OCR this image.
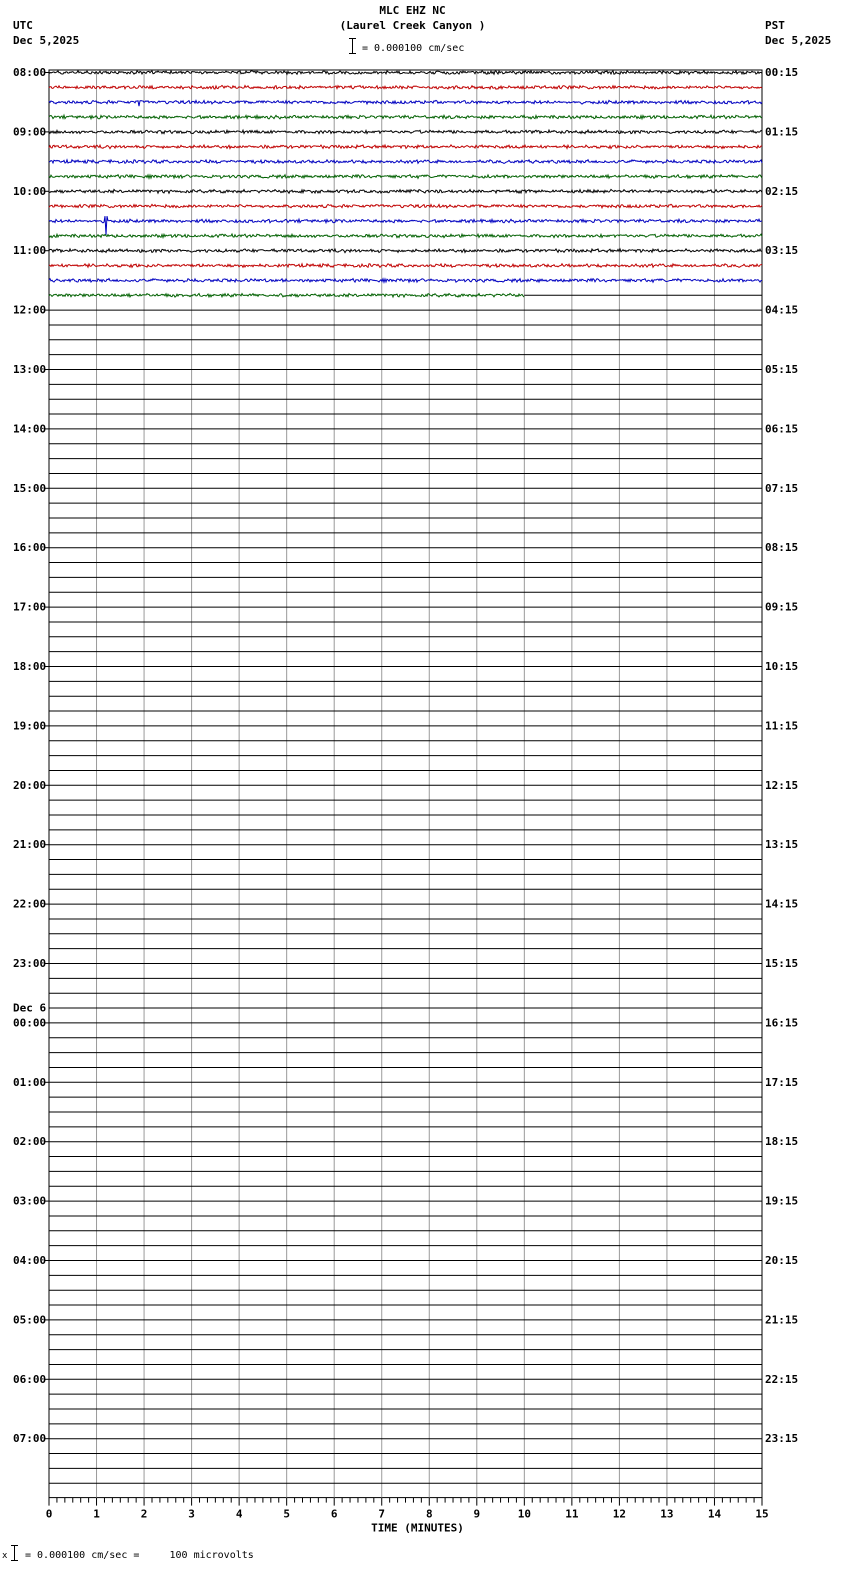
MLC EHZ NC
(Laurel Creek Canyon )
UTC
Dec 5,2025
PST
Dec 5,2025
= 0.000100 cm/sec
0	1	2	3	4	5	6	7	8	9	10	11	12	13	14	15
TIME (MINUTES)
08:00
09:00
10:00
11:00
12:00
13:00
14:00
15:00
16:00
17:00
18:00
19:00
20:00
21:00
22:00
23:00
00:00
01:00
02:00
03:00
04:00
05:00
06:00
07:00
00:15
01:15
02:15
03:15
04:15
05:15
06:15
07:15
08:15
09:15
10:15
11:15
12:15
13:15
14:15
15:15
16:15
17:15
18:15
19:15
20:15
21:15
22:15
23:15
Dec 6
x = 0.000100 cm/sec =     100 microvolts
